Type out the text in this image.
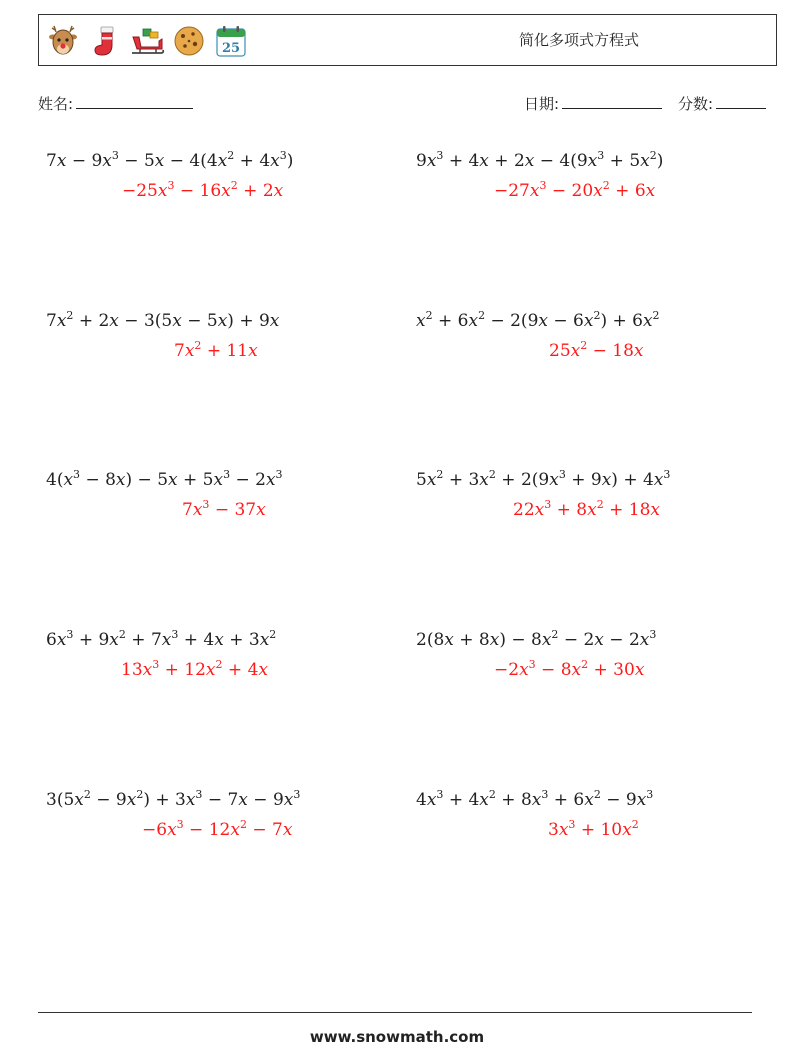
25	简化多项式方程式
姓名:	日期:	分数:
$7x - 9x^3 - 5x - 4(4x^2 + 4x^3)$
$-25x^3 - 16x^2 + 2x$
$9x^3 + 4x + 2x - 4(9x^3 + 5x^2)$
$-27x^3 - 20x^2 + 6x$
$7x^2 + 2x - 3(5x - 5x) + 9x$
$7x^2 + 11x$
$x^2 + 6x^2 - 2(9x - 6x^2) + 6x^2$
$25x^2 - 18x$
$4(x^3 - 8x) - 5x + 5x^3 - 2x^3$
$7x^3 - 37x$
$5x^2 + 3x^2 + 2(9x^3 + 9x) + 4x^3$
$22x^3 + 8x^2 + 18x$
$6x^3 + 9x^2 + 7x^3 + 4x + 3x^2$
$13x^3 + 12x^2 + 4x$
$2(8x + 8x) - 8x^2 - 2x - 2x^3$
$-2x^3 - 8x^2 + 30x$
$3(5x^2 - 9x^2) + 3x^3 - 7x - 9x^3$
$-6x^3 - 12x^2 - 7x$
$4x^3 + 4x^2 + 8x^3 + 6x^2 - 9x^3$
$3x^3 + 10x^2$
www.snowmath.com
